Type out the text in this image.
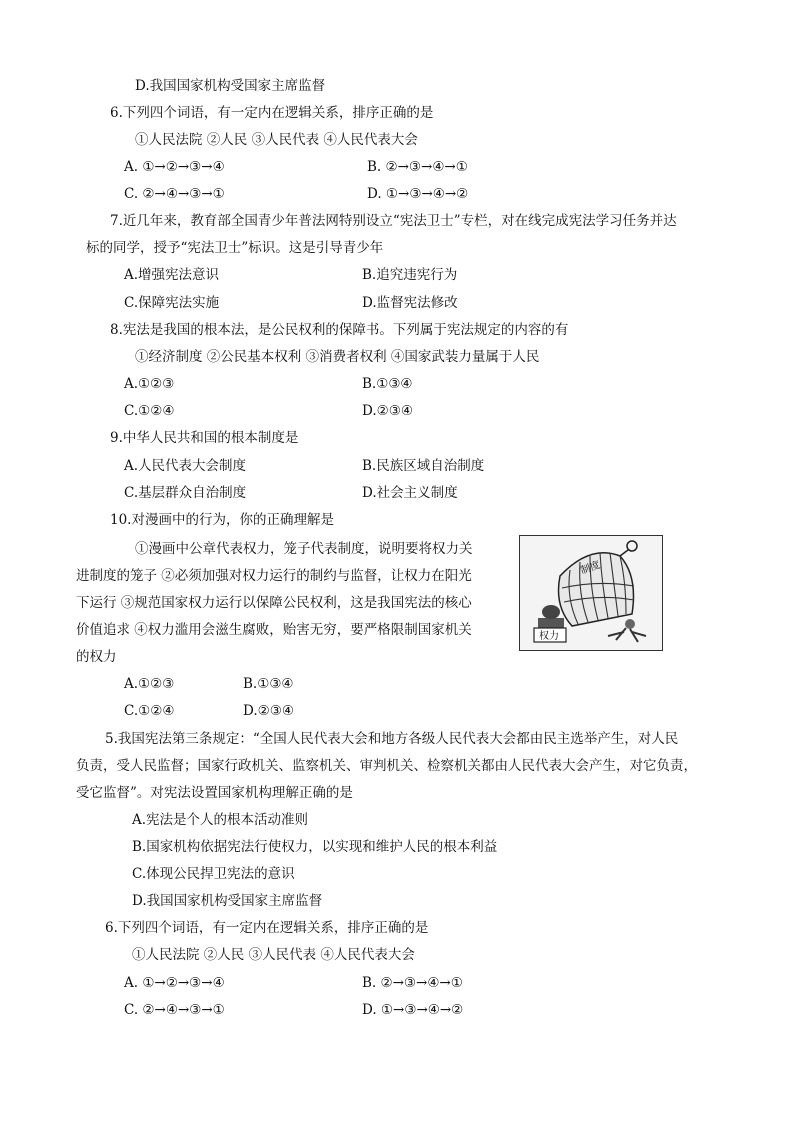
D.我国国家机构受国家主席监督
6.下列四个词语，有一定内在逻辑关系，排序正确的是
①人民法院 ②人民 ③人民代表 ④人民代表大会
A. ①→②→③→④	B. ②→③→④→①
C. ②→④→③→①	D. ①→③→④→②
7.近几年来，教育部全国青少年普法网特别设立“宪法卫士”专栏，对在线完成宪法学习任务并达
标的同学，授予“宪法卫士”标识。这是引导青少年
A.增强宪法意识	B.追究违宪行为
C.保障宪法实施	D.监督宪法修改
8.宪法是我国的根本法，是公民权利的保障书。下列属于宪法规定的内容的有
①经济制度 ②公民基本权利 ③消费者权利 ④国家武装力量属于人民
A.①②③	B.①③④
C.①②④	D.②③④
9.中华人民共和国的根本制度是
A.人民代表大会制度	B.民族区域自治制度
C.基层群众自治制度	D.社会主义制度
10.对漫画中的行为，你的正确理解是
①漫画中公章代表权力，笼子代表制度，说明要将权力关
进制度的笼子 ②必须加强对权力运行的制约与监督，让权力在阳光
下运行 ③规范国家权力运行以保障公民权利，这是我国宪法的核心
价值追求 ④权力滥用会滋生腐败，贻害无穷，要严格限制国家机关
的权力
制度
权力
A.①②③	B.①③④
C.①②④	D.②③④
5.我国宪法第三条规定：“全国人民代表大会和地方各级人民代表大会都由民主选举产生，对人民
负责，受人民监督；国家行政机关、监察机关、审判机关、检察机关都由人民代表大会产生，对它负责，
受它监督”。对宪法设置国家机构理解正确的是
A.宪法是个人的根本活动准则
B.国家机构依据宪法行使权力，以实现和维护人民的根本利益
C.体现公民捍卫宪法的意识
D.我国国家机构受国家主席监督
6.下列四个词语，有一定内在逻辑关系，排序正确的是
①人民法院 ②人民 ③人民代表 ④人民代表大会
A. ①→②→③→④	B. ②→③→④→①
C. ②→④→③→①	D. ①→③→④→②
